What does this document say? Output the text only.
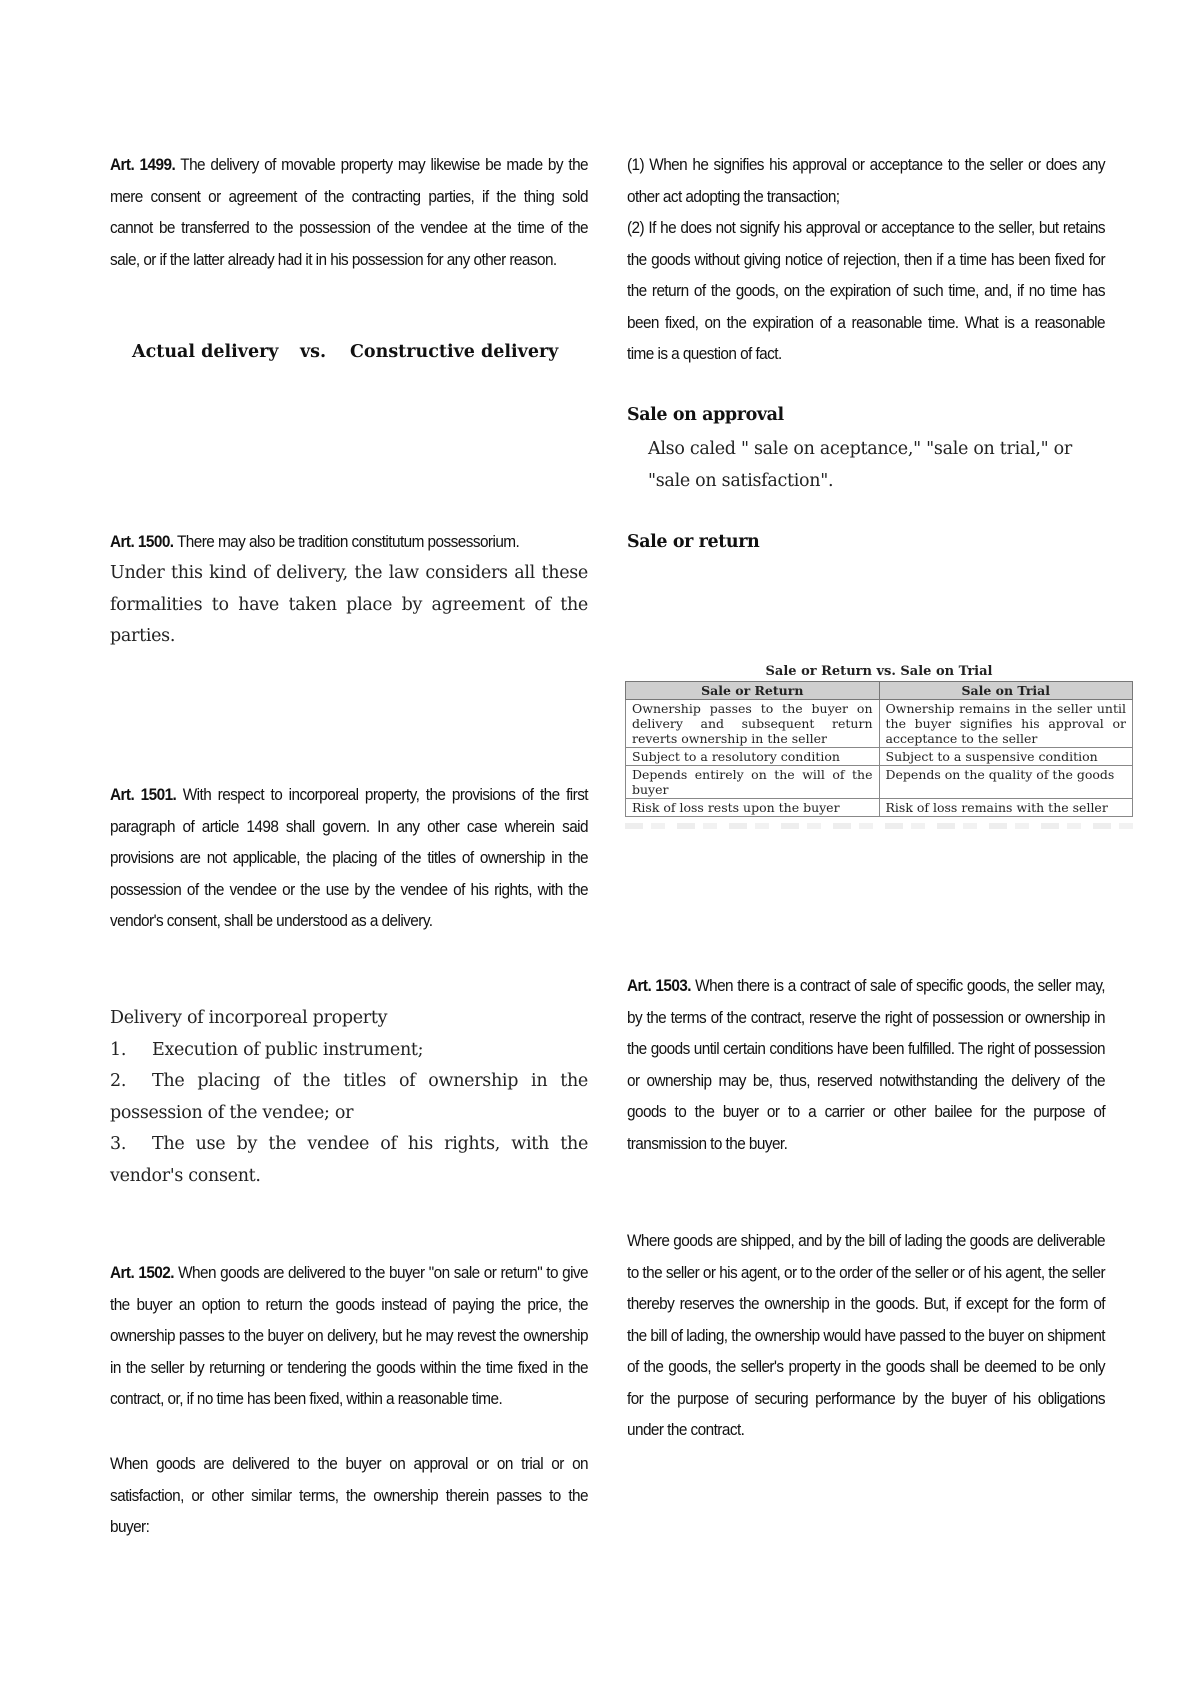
Art. 1499. The delivery of movable property may likewise be made by the mere consent or agreement of the contracting parties, if the thing sold cannot be transferred to the possession of the vendee at the time of the sale, or if the latter already had it in his possession for any other reason.

Actual delivery vs. Constructive delivery

Art. 1500. There may also be tradition constitutum possessorium.

Under this kind of delivery, the law considers all these formalities to have taken place by agreement of the parties.

Art. 1501. With respect to incorporeal property, the provisions of the first paragraph of article 1498 shall govern. In any other case wherein said provisions are not applicable, the placing of the titles of ownership in the possession of the vendee or the use by the vendee of his rights, with the vendor's consent, shall be understood as a delivery.

Delivery of incorporeal property
1. Execution of public instrument;
2. The placing of the titles of ownership in the possession of the vendee; or
3. The use by the vendee of his rights, with the vendor's consent.

Art. 1502. When goods are delivered to the buyer "on sale or return" to give the buyer an option to return the goods instead of paying the price, the ownership passes to the buyer on delivery, but he may revest the ownership in the seller by returning or tendering the goods within the time fixed in the contract, or, if no time has been fixed, within a reasonable time.

When goods are delivered to the buyer on approval or on trial or on satisfaction, or other similar terms, the ownership therein passes to the buyer:

(1) When he signifies his approval or acceptance to the seller or does any other act adopting the transaction;

(2) If he does not signify his approval or acceptance to the seller, but retains the goods without giving notice of rejection, then if a time has been fixed for the return of the goods, on the expiration of such time, and, if no time has been fixed, on the expiration of a reasonable time. What is a reasonable time is a question of fact.

Sale on approval

Also caled " sale on aceptance," "sale on trial," or "sale on satisfaction".

Sale or return
Sale or Return vs. Sale on Trial
Sale or Return	Sale on Trial
Ownership passes to the buyer on delivery and subsequent return reverts ownership in the seller	Ownership remains in the seller until the buyer signifies his approval or acceptance to the seller
Subject to a resolutory condition	Subject to a suspensive condition
Depends entirely on the will of the buyer	Depends on the quality of the goods
Risk of loss rests upon the buyer	Risk of loss remains with the seller

Art. 1503. When there is a contract of sale of specific goods, the seller may, by the terms of the contract, reserve the right of possession or ownership in the goods until certain conditions have been fulfilled. The right of possession or ownership may be, thus, reserved notwithstanding the delivery of the goods to the buyer or to a carrier or other bailee for the purpose of transmission to the buyer.

Where goods are shipped, and by the bill of lading the goods are deliverable to the seller or his agent, or to the order of the seller or of his agent, the seller thereby reserves the ownership in the goods. But, if except for the form of the bill of lading, the ownership would have passed to the buyer on shipment of the goods, the seller's property in the goods shall be deemed to be only for the purpose of securing performance by the buyer of his obligations under the contract.
